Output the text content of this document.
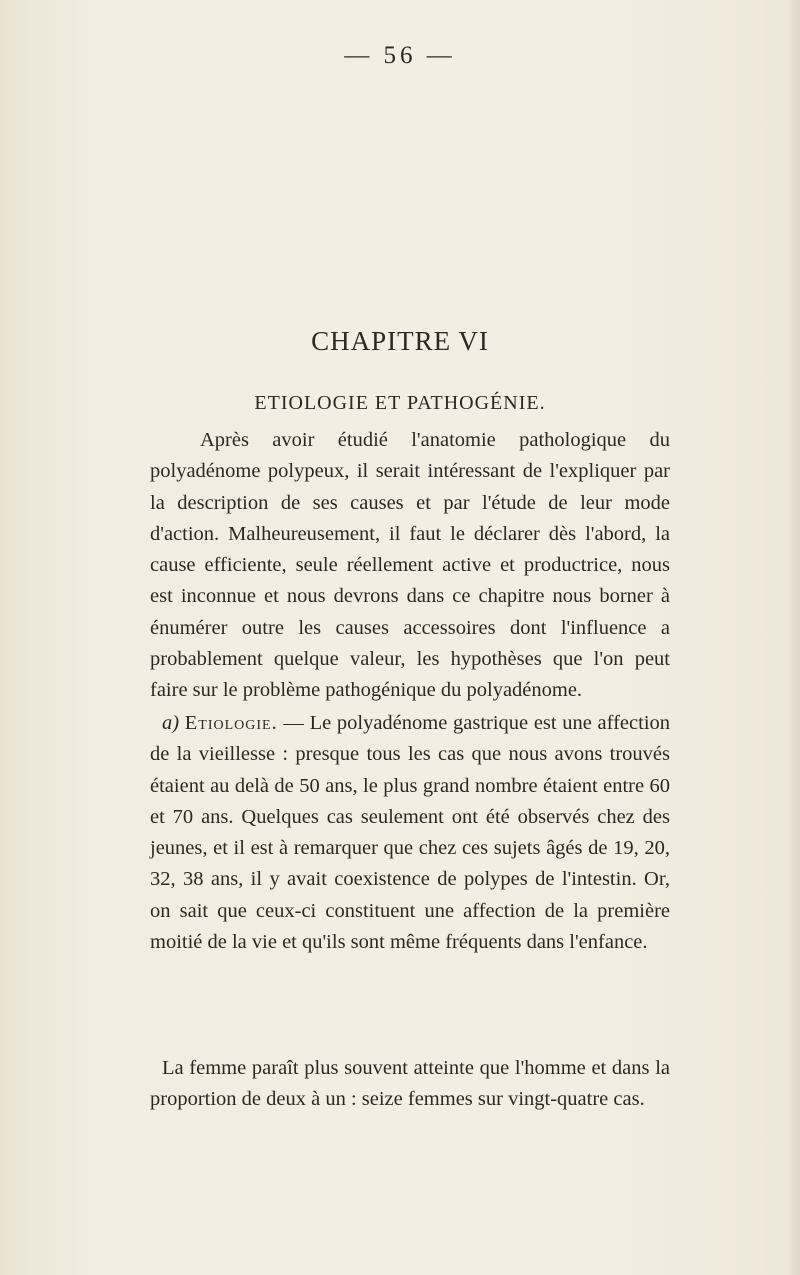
— 56 —
CHAPITRE VI
ETIOLOGIE ET PATHOGÉNIE.

Après avoir étudié l'anatomie pathologique du polyadénome polypeux, il serait intéressant de l'expliquer par la description de ses causes et par l'étude de leur mode d'action. Malheureusement, il faut le déclarer dès l'abord, la cause efficiente, seule réellement active et productrice, nous est inconnue et nous devrons dans ce chapitre nous borner à énumérer outre les causes accessoires dont l'influence a probablement quelque valeur, les hypothèses que l'on peut faire sur le problème pathogénique du polyadénome.

a) Etiologie. — Le polyadénome gastrique est une affection de la vieillesse : presque tous les cas que nous avons trouvés étaient au delà de 50 ans, le plus grand nombre étaient entre 60 et 70 ans. Quelques cas seulement ont été observés chez des jeunes, et il est à remarquer que chez ces sujets âgés de 19, 20, 32, 38 ans, il y avait coexistence de polypes de l'intestin. Or, on sait que ceux-ci constituent une affection de la première moitié de la vie et qu'ils sont même fréquents dans l'enfance.

La femme paraît plus souvent atteinte que l'homme et dans la proportion de deux à un : seize femmes sur vingt-quatre cas.
